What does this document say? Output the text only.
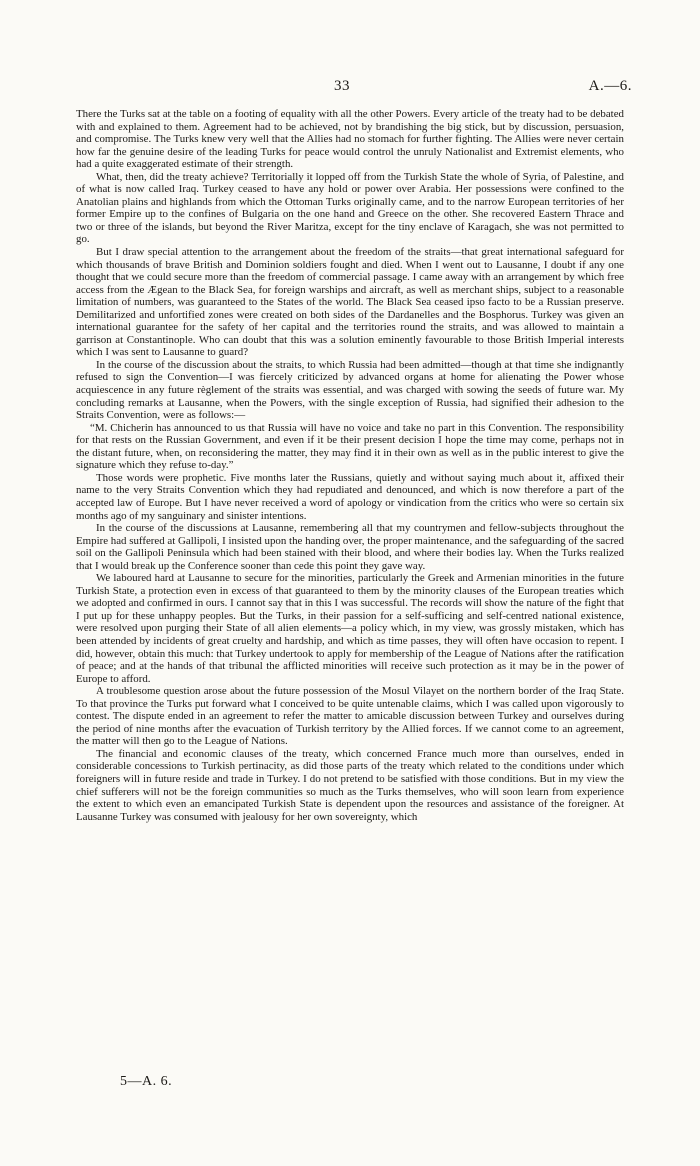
33	A.—6.

There the Turks sat at the table on a footing of equality with all the other Powers. Every article of the treaty had to be debated with and explained to them. Agreement had to be achieved, not by brandishing the big stick, but by discussion, persuasion, and compromise. The Turks knew very well that the Allies had no stomach for further fighting. The Allies were never certain how far the genuine desire of the leading Turks for peace would control the unruly Nationalist and Extremist elements, who had a quite exaggerated estimate of their strength.

What, then, did the treaty achieve? Territorially it lopped off from the Turkish State the whole of Syria, of Palestine, and of what is now called Iraq. Turkey ceased to have any hold or power over Arabia. Her possessions were confined to the Anatolian plains and highlands from which the Ottoman Turks originally came, and to the narrow European territories of her former Empire up to the confines of Bulgaria on the one hand and Greece on the other. She recovered Eastern Thrace and two or three of the islands, but beyond the River Maritza, except for the tiny enclave of Karagach, she was not permitted to go.

But I draw special attention to the arrangement about the freedom of the straits—that great international safeguard for which thousands of brave British and Dominion soldiers fought and died. When I went out to Lausanne, I doubt if any one thought that we could secure more than the freedom of commercial passage. I came away with an arrangement by which free access from the Ægean to the Black Sea, for foreign warships and aircraft, as well as merchant ships, subject to a reasonable limitation of numbers, was guaranteed to the States of the world. The Black Sea ceased ipso facto to be a Russian preserve. Demilitarized and unfortified zones were created on both sides of the Dardanelles and the Bosphorus. Turkey was given an international guarantee for the safety of her capital and the territories round the straits, and was allowed to maintain a garrison at Constantinople. Who can doubt that this was a solution eminently favourable to those British Imperial interests which I was sent to Lausanne to guard?

In the course of the discussion about the straits, to which Russia had been admitted—though at that time she indignantly refused to sign the Convention—I was fiercely criticized by advanced organs at home for alienating the Power whose acquiescence in any future règlement of the straits was essential, and was charged with sowing the seeds of future war. My concluding remarks at Lausanne, when the Powers, with the single exception of Russia, had signified their adhesion to the Straits Convention, were as follows:—

“M. Chicherin has announced to us that Russia will have no voice and take no part in this Convention. The responsibility for that rests on the Russian Government, and even if it be their present decision I hope the time may come, perhaps not in the distant future, when, on reconsidering the matter, they may find it in their own as well as in the public interest to give the signature which they refuse to-day.”

Those words were prophetic. Five months later the Russians, quietly and without saying much about it, affixed their name to the very Straits Convention which they had repudiated and denounced, and which is now therefore a part of the accepted law of Europe. But I have never received a word of apology or vindication from the critics who were so certain six months ago of my sanguinary and sinister intentions.

In the course of the discussions at Lausanne, remembering all that my countrymen and fellow-subjects throughout the Empire had suffered at Gallipoli, I insisted upon the handing over, the proper maintenance, and the safeguarding of the sacred soil on the Gallipoli Peninsula which had been stained with their blood, and where their bodies lay. When the Turks realized that I would break up the Conference sooner than cede this point they gave way.

We laboured hard at Lausanne to secure for the minorities, particularly the Greek and Armenian minorities in the future Turkish State, a protection even in excess of that guaranteed to them by the minority clauses of the European treaties which we adopted and confirmed in ours. I cannot say that in this I was successful. The records will show the nature of the fight that I put up for these unhappy peoples. But the Turks, in their passion for a self-sufficing and self-centred national existence, were resolved upon purging their State of all alien elements—a policy which, in my view, was grossly mistaken, which has been attended by incidents of great cruelty and hardship, and which as time passes, they will often have occasion to repent. I did, however, obtain this much: that Turkey undertook to apply for membership of the League of Nations after the ratification of peace; and at the hands of that tribunal the afflicted minorities will receive such protection as it may be in the power of Europe to afford.

A troublesome question arose about the future possession of the Mosul Vilayet on the northern border of the Iraq State. To that province the Turks put forward what I conceived to be quite untenable claims, which I was called upon vigorously to contest. The dispute ended in an agreement to refer the matter to amicable discussion between Turkey and ourselves during the period of nine months after the evacuation of Turkish territory by the Allied forces. If we cannot come to an agreement, the matter will then go to the League of Nations.

The financial and economic clauses of the treaty, which concerned France much more than ourselves, ended in considerable concessions to Turkish pertinacity, as did those parts of the treaty which related to the conditions under which foreigners will in future reside and trade in Turkey. I do not pretend to be satisfied with those conditions. But in my view the chief sufferers will not be the foreign communities so much as the Turks themselves, who will soon learn from experience the extent to which even an emancipated Turkish State is dependent upon the resources and assistance of the foreigner. At Lausanne Turkey was consumed with jealousy for her own sovereignty, which

5—A. 6.
